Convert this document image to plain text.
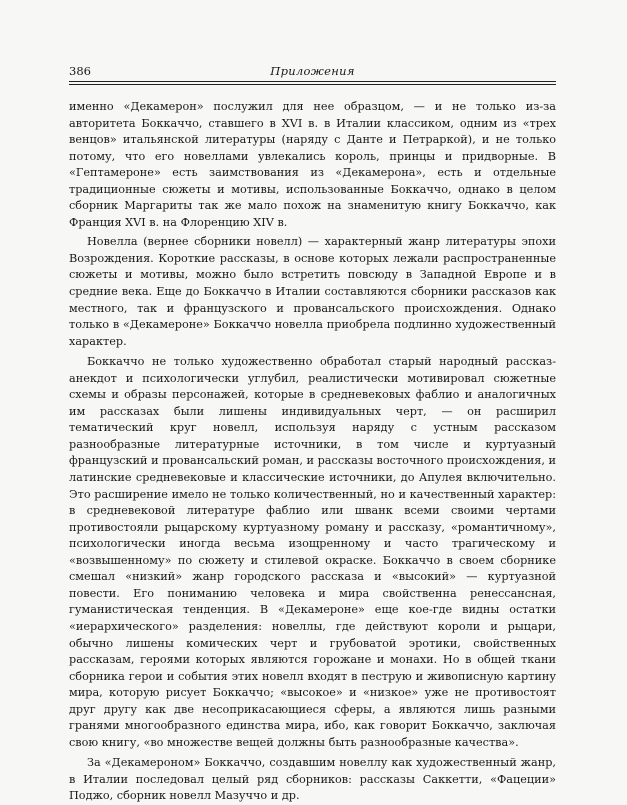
386	Приложения

именно «Декамерон» послужил для нее образцом, — и не только из-за авторитета Боккаччо, ставшего в XVI в. в Италии классиком, одним из «трех венцов» итальянской литературы (наряду с Данте и Петраркой), и не только потому, что его новеллами увлекались король, принцы и придворные. В «Гептамероне» есть заимствования из «Декамерона», есть и отдельные традиционные сюжеты и мотивы, использованные Боккаччо, однако в целом сборник Маргариты так же мало похож на знаменитую книгу Боккаччо, как Франция XVI в. на Флоренцию XIV в.

Новелла (вернее сборники новелл) — характерный жанр литературы эпохи Возрождения. Короткие рассказы, в основе которых лежали распространенные сюжеты и мотивы, можно было встретить повсюду в Западной Европе и в средние века. Еще до Боккаччо в Италии составляются сборники рассказов как местного, так и французского и провансальского происхождения. Однако только в «Декамероне» Боккаччо новелла приобрела подлинно художественный характер.

Боккаччо не только художественно обработал старый народный рассказ-анекдот и психологически углубил, реалистически мотивировал сюжетные схемы и образы персонажей, которые в средневековых фаблио и аналогичных им рассказах были лишены индивидуальных черт, — он расширил тематический круг новелл, используя наряду с устным рассказом разнообразные литературные источники, в том числе и куртуазный французский и провансальский роман, и рассказы восточного происхождения, и латинские средневековые и классические источники, до Апулея включительно. Это расширение имело не только количественный, но и качественный характер: в средневековой литературе фаблио или шванк всеми своими чертами противостояли рыцарскому куртуазному роману и рассказу, «романтичному», психологически иногда весьма изощренному и часто трагическому и «возвышенному» по сюжету и стилевой окраске. Боккаччо в своем сборнике смешал «низкий» жанр городского рассказа и «высокий» — куртуазной повести. Его пониманию человека и мира свойственна ренессансная, гуманистическая тенденция. В «Декамероне» еще кое-где видны остатки «иерархического» разделения: новеллы, где действуют короли и рыцари, обычно лишены комических черт и грубоватой эротики, свойственных рассказам, героями которых являются горожане и монахи. Но в общей ткани сборника герои и события этих новелл входят в пеструю и живописную картину мира, которую рисует Боккаччо; «высокое» и «низкое» уже не противостоят друг другу как две несоприкасающиеся сферы, а являются лишь разными гранями многообразного единства мира, ибо, как говорит Боккаччо, заключая свою книгу, «во множестве вещей должны быть разнообразные качества».

За «Декамероном» Боккаччо, создавшим новеллу как художественный жанр, в Италии последовал целый ряд сборников: рассказы Саккетти, «Фацеции» Поджо, сборник новелл Мазуччо и др.
